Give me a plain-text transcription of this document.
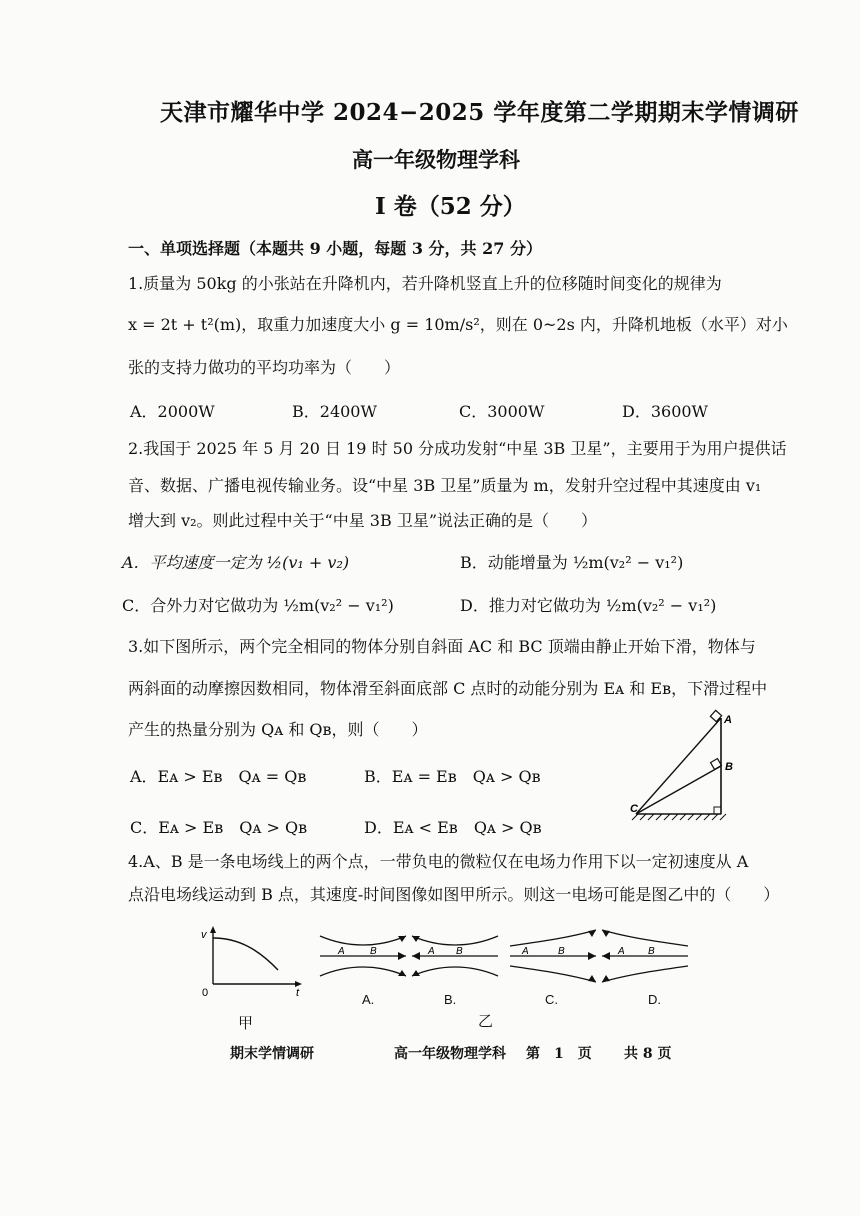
天津市耀华中学 2024−2025 学年度第二学期期末学情调研
高一年级物理学科
I 卷（52 分）
一、单项选择题（本题共 9 小题，每题 3 分，共 27 分）
1.质量为 50kg 的小张站在升降机内，若升降机竖直上升的位移随时间变化的规律为
x = 2t + t²(m)，取重力加速度大小 g = 10m/s²，则在 0~2s 内，升降机地板（水平）对小
张的支持力做功的平均功率为（　　）
A．2000W	B．2400W	C．3000W	D．3600W
2.我国于 2025 年 5 月 20 日 19 时 50 分成功发射“中星 3B 卫星”，主要用于为用户提供话
音、数据、广播电视传输业务。设“中星 3B 卫星”质量为 m，发射升空过程中其速度由 v₁
增大到 v₂。则此过程中关于“中星 3B 卫星”说法正确的是（　　）
A．平均速度一定为 ½(v₁ + v₂)	B．动能增量为 ½m(v₂² − v₁²)
C．合外力对它做功为 ½m(v₂² − v₁²)	D．推力对它做功为 ½m(v₂² − v₁²)
3.如下图所示，两个完全相同的物体分别自斜面 AC 和 BC 顶端由静止开始下滑，物体与
两斜面的动摩擦因数相同，物体滑至斜面底部 C 点时的动能分别为 Eᴀ 和 Eʙ，下滑过程中
产生的热量分别为 Qᴀ 和 Qʙ，则（　　）
A．Eᴀ > Eʙ　Qᴀ = Qʙ	B．Eᴀ = Eʙ　Qᴀ > Qʙ
C．Eᴀ > Eʙ　Qᴀ > Qʙ	D．Eᴀ < Eʙ　Qᴀ > Qʙ
A
B
C
4.A、B 是一条电场线上的两个点，一带负电的微粒仅在电场力作用下以一定初速度从 A
点沿电场线运动到 B 点，其速度-时间图像如图甲所示。则这一电场可能是图乙中的（　　）
v
t
0
甲
A	B	A B	A	B	A B
A.	B.	C.	D.
乙
期末学情调研	高一年级物理学科 第　1　页 共 8 页
